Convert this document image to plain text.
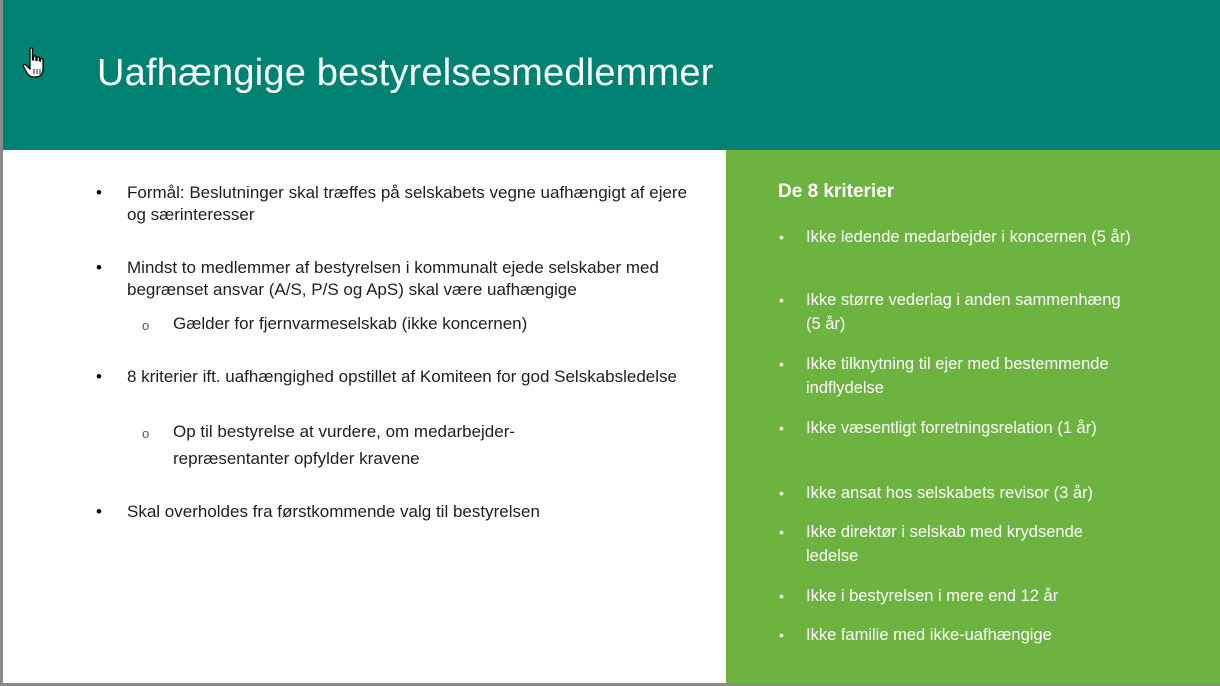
Uafhængige bestyrelsesmedlemmer
• Formål: Beslutninger skal træffes på selskabets vegne uafhængigt af ejere og særinteresser
• Mindst to medlemmer af bestyrelsen i kommunalt ejede selskaber med begrænset ansvar (A/S, P/S og ApS) skal være uafhængige
o Gælder for fjernvarmeselskab (ikke koncernen)
• 8 kriterier ift. uafhængighed opstillet af Komiteen for god Selskabsledelse
o Op til bestyrelse at vurdere, om medarbejder-repræsentanter opfylder kravene
• Skal overholdes fra førstkommende valg til bestyrelsen
De 8 kriterier
• Ikke ledende medarbejder i koncernen (5 år)
• Ikke større vederlag i anden sammenhæng (5 år)
• Ikke tilknytning til ejer med bestemmende indflydelse
• Ikke væsentligt forretningsrelation (1 år)
• Ikke ansat hos selskabets revisor (3 år)
• Ikke direktør i selskab med krydsende ledelse
• Ikke i bestyrelsen i mere end 12 år
• Ikke familie med ikke-uafhængige
